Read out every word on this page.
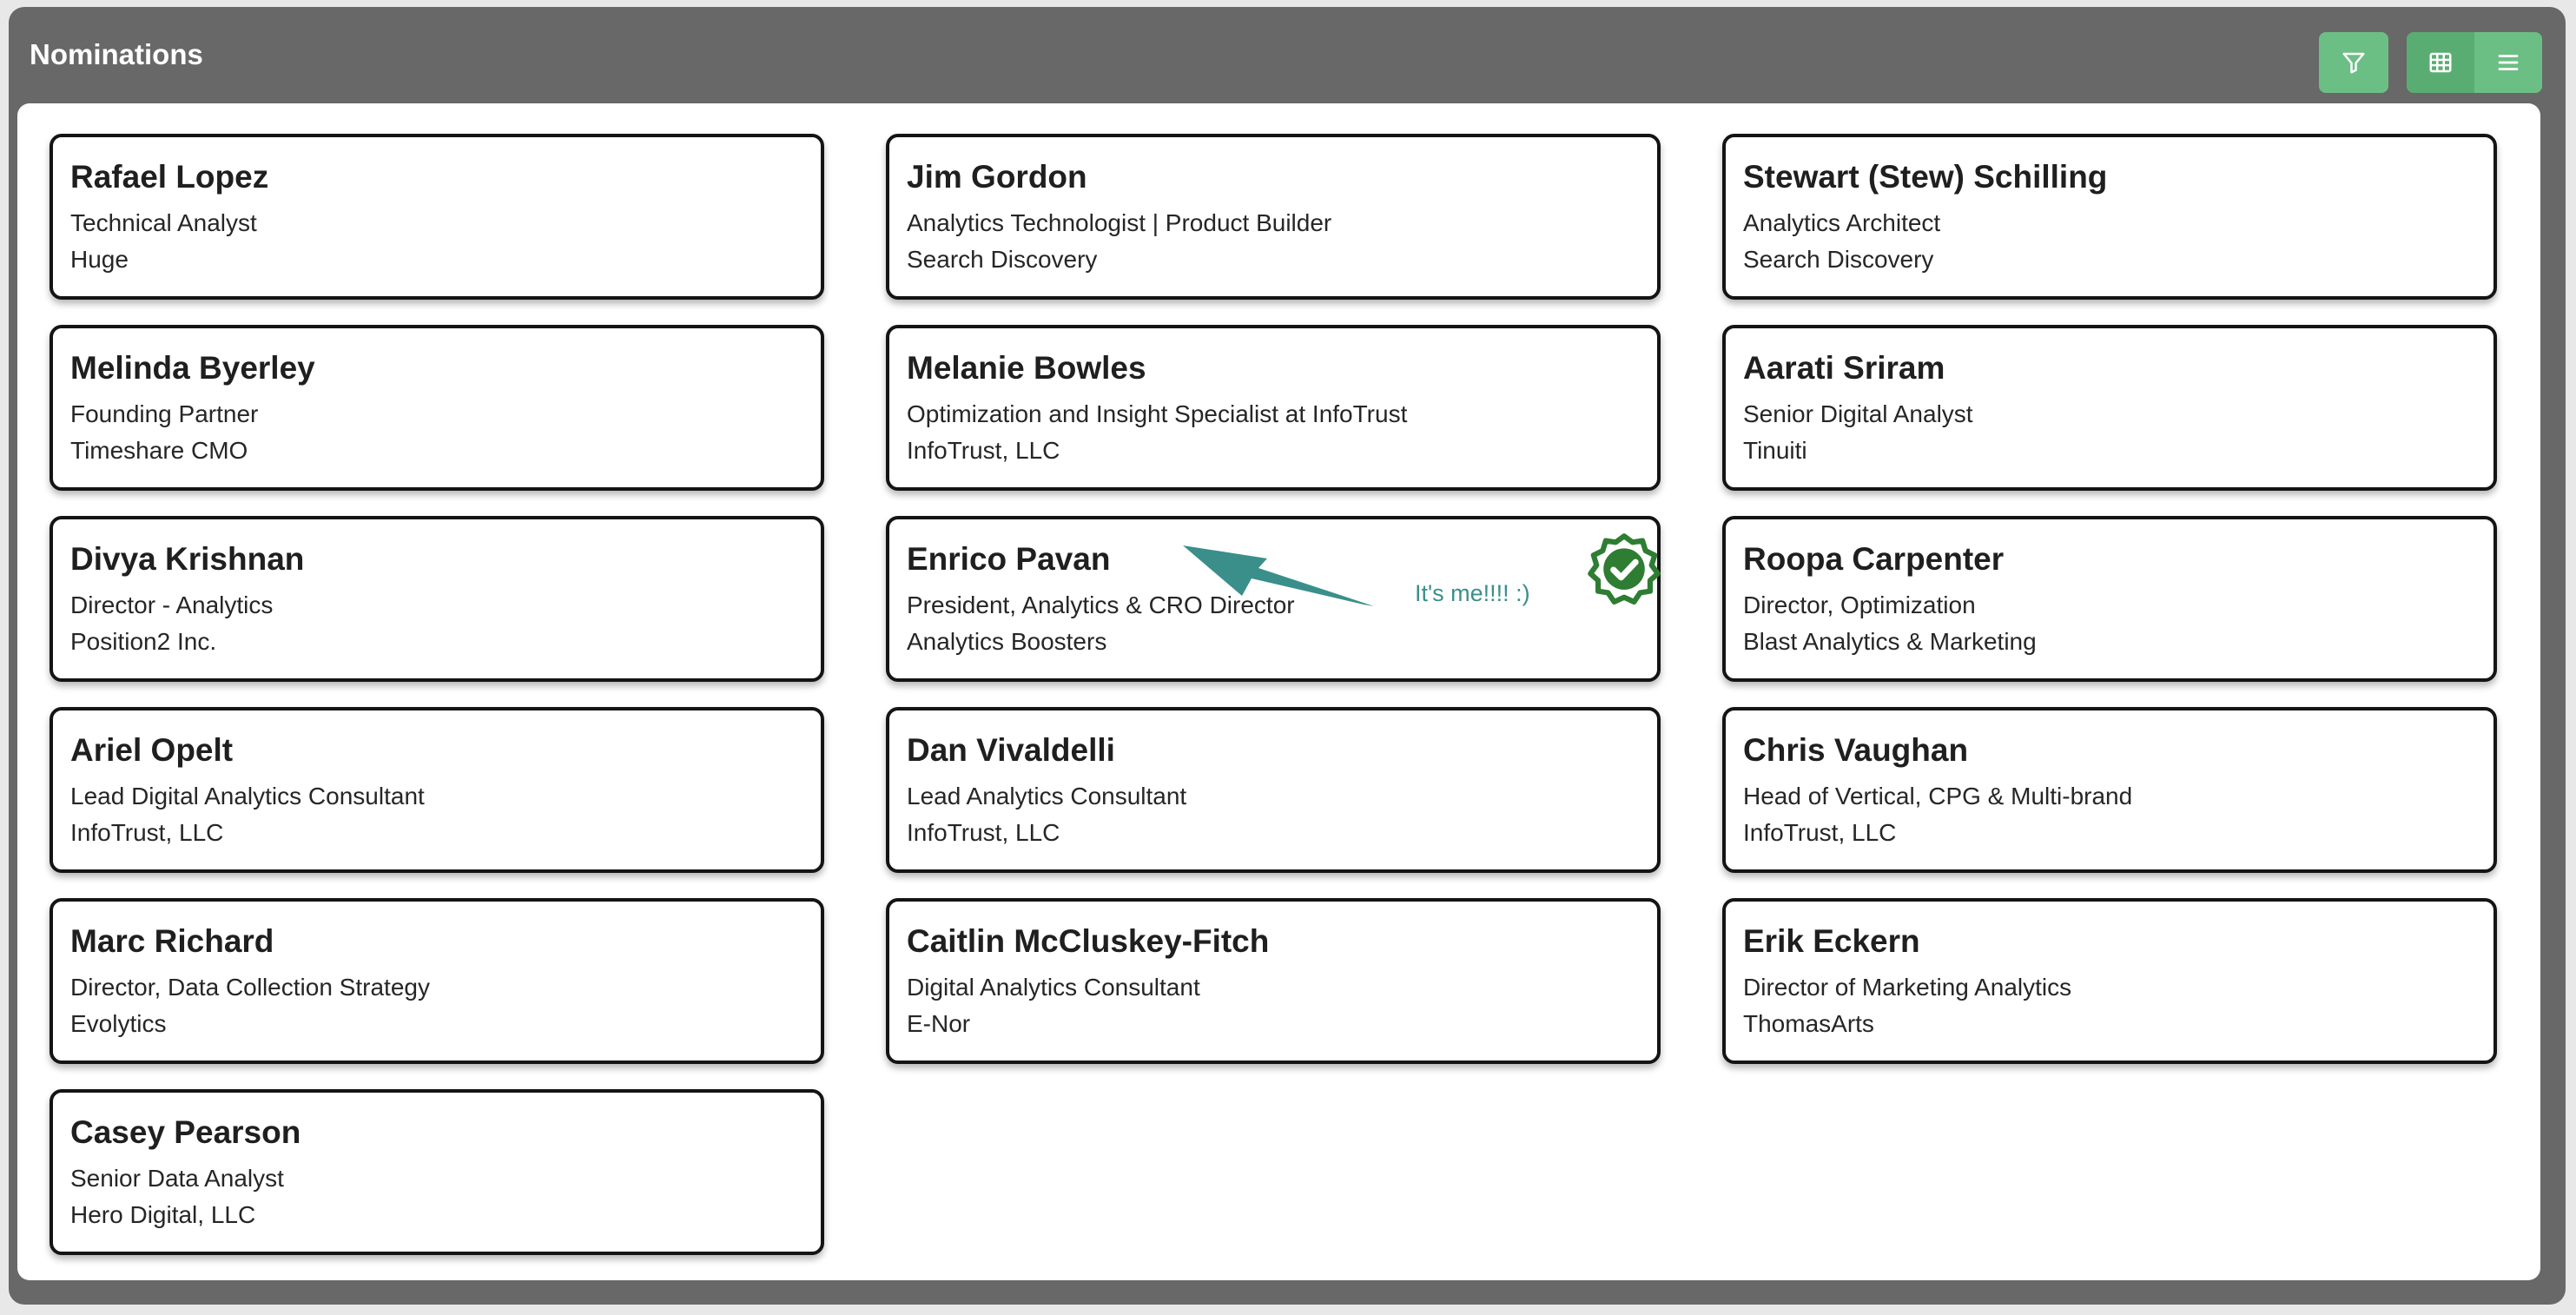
Nominations
Rafael Lopez
Technical Analyst
Huge
Jim Gordon
Analytics Technologist | Product Builder
Search Discovery
Stewart (Stew) Schilling
Analytics Architect
Search Discovery
Melinda Byerley
Founding Partner
Timeshare CMO
Melanie Bowles
Optimization and Insight Specialist at InfoTrust
InfoTrust, LLC
Aarati Sriram
Senior Digital Analyst
Tinuiti
Divya Krishnan
Director - Analytics
Position2 Inc.
Enrico Pavan
President, Analytics & CRO Director
Analytics Boosters
Roopa Carpenter
Director, Optimization
Blast Analytics & Marketing
Ariel Opelt
Lead Digital Analytics Consultant
InfoTrust, LLC
Dan Vivaldelli
Lead Analytics Consultant
InfoTrust, LLC
Chris Vaughan
Head of Vertical, CPG & Multi-brand
InfoTrust, LLC
Marc Richard
Director, Data Collection Strategy
Evolytics
Caitlin McCluskey-Fitch
Digital Analytics Consultant
E-Nor
Erik Eckern
Director of Marketing Analytics
ThomasArts
Casey Pearson
Senior Data Analyst
Hero Digital, LLC
It's me!!!! :)
